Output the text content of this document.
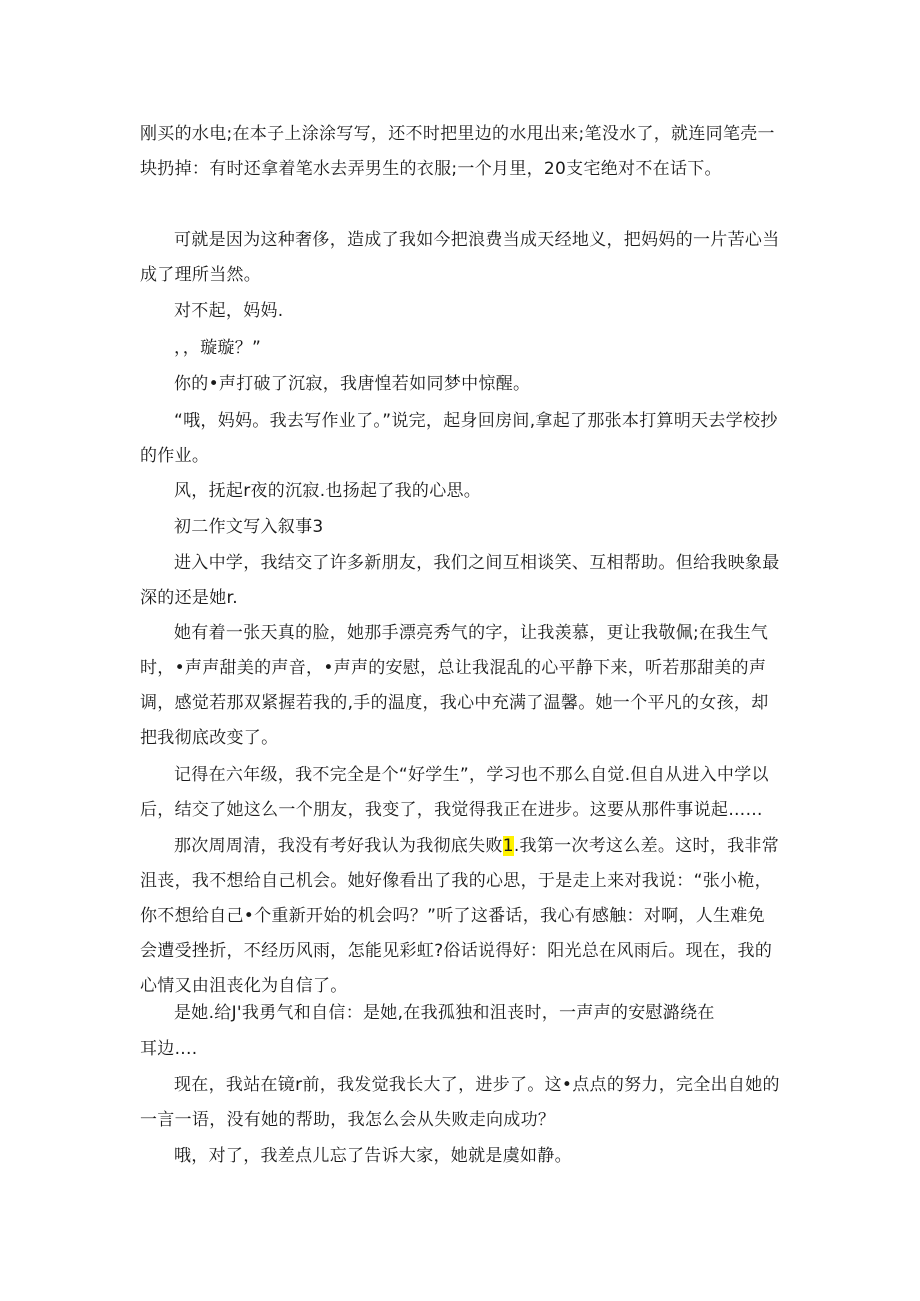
刚买的水电;在本子上涂涂写写，还不时把里边的水甩出来;笔没水了，就连同笔壳一块扔掉：有时还拿着笔水去弄男生的衣服;一个月里，20支宅绝对不在话下。

可就是因为这种奢侈，造成了我如今把浪费当成天经地义，把妈妈的一片苦心当成了理所当然。

对不起，妈妈.

，，璇璇？”

你的•声打破了沉寂，我唐惶若如同梦中惊醒。

“哦，妈妈。我去写作业了。”说完，起身回房间,拿起了那张本打算明天去学校抄的作业。

风，抚起r夜的沉寂.也扬起了我的心思。

初二作文写入叙事3

进入中学，我结交了许多新朋友，我们之间互相谈笑、互相帮助。但给我映象最深的还是她r.

她有着一张天真的脸，她那手漂亮秀气的字，让我羡慕，更让我敬佩;在我生气时，•声声甜美的声音，•声声的安慰，总让我混乱的心平静下来，听若那甜美的声调，感觉若那双紧握若我的,手的温度，我心中充满了温馨。她一个平凡的女孩，却把我彻底改变了。

记得在六年级，我不完全是个“好学生”，学习也不那么自觉.但自从进入中学以后，结交了她这么一个朋友，我变了，我觉得我正在进步。这要从那件事说起……

那次周周清，我没有考好我认为我彻底失败1.我第一次考这么差。这时，我非常沮丧，我不想给自己机会。她好像看出了我的心思，于是走上来对我说：“张小桅，你不想给自己•个重新开始的机会吗？”听了这番话，我心有感触：对啊，人生难免会遭受挫折，不经历风雨，怎能见彩虹?俗话说得好：阳光总在风雨后。现在，我的心情又由沮丧化为自信了。

是她.给J'我勇气和自信：是她,在我孤独和沮丧时，一声声的安慰潞绕在

耳边....

现在，我站在镜r前，我发觉我长大了，进步了。这•点点的努力，完全出自她的一言一语，没有她的帮助，我怎么会从失败走向成功？

哦，对了，我差点儿忘了告诉大家，她就是虞如静。
